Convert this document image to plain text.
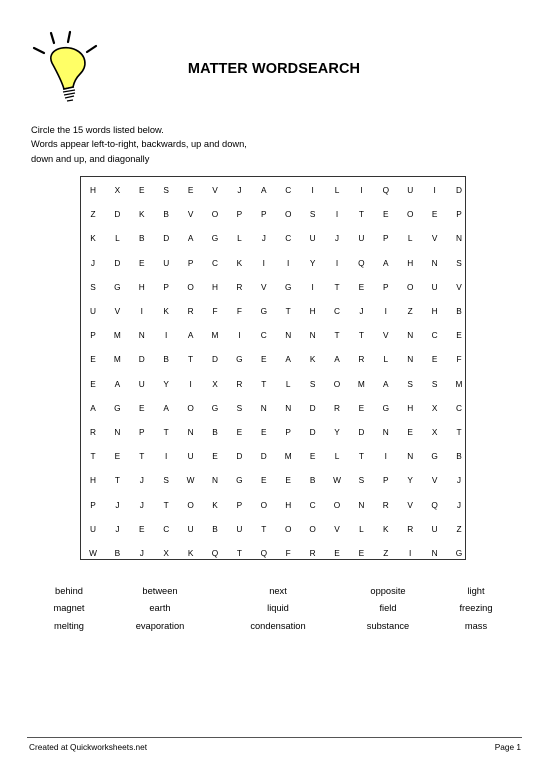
MATTER WORDSEARCH
Circle the 15 words listed below.
Words appear left-to-right, backwards, up and down,
down and up, and diagonally
H	X	E	S	E	V	J	A	C	I	L	I	Q	U	I	D
Z	D	K	B	V	O	P	P	O	S	I	T	E	O	E	P
K	L	B	D	A	G	L	J	C	U	J	U	P	L	V	N
J	D	E	U	P	C	K	I	I	Y	I	Q	A	H	N	S
S	G	H	P	O	H	R	V	G	I	T	E	P	O	U	V
U	V	I	K	R	F	F	G	T	H	C	J	I	Z	H	B
P	M	N	I	A	M	I	C	N	N	T	T	V	N	C	E
E	M	D	B	T	D	G	E	A	K	A	R	L	N	E	F
E	A	U	Y	I	X	R	T	L	S	O	M	A	S	S	M
A	G	E	A	O	G	S	N	N	D	R	E	G	H	X	C
R	N	P	T	N	B	E	E	P	D	Y	D	N	E	X	T
T	E	T	I	U	E	D	D	M	E	L	T	I	N	G	B
H	T	J	S	W	N	G	E	E	B	W	S	P	Y	V	J
P	J	J	T	O	K	P	O	H	C	O	N	R	V	Q	J
U	J	E	C	U	B	U	T	O	O	V	L	K	R	U	Z
W	B	J	X	K	Q	T	Q	F	R	E	E	Z	I	N	G
behind	between	next	opposite	light
magnet	earth	liquid	field	freezing
melting	evaporation	condensation	substance	mass
Created at Quickworksheets.net	Page 1
